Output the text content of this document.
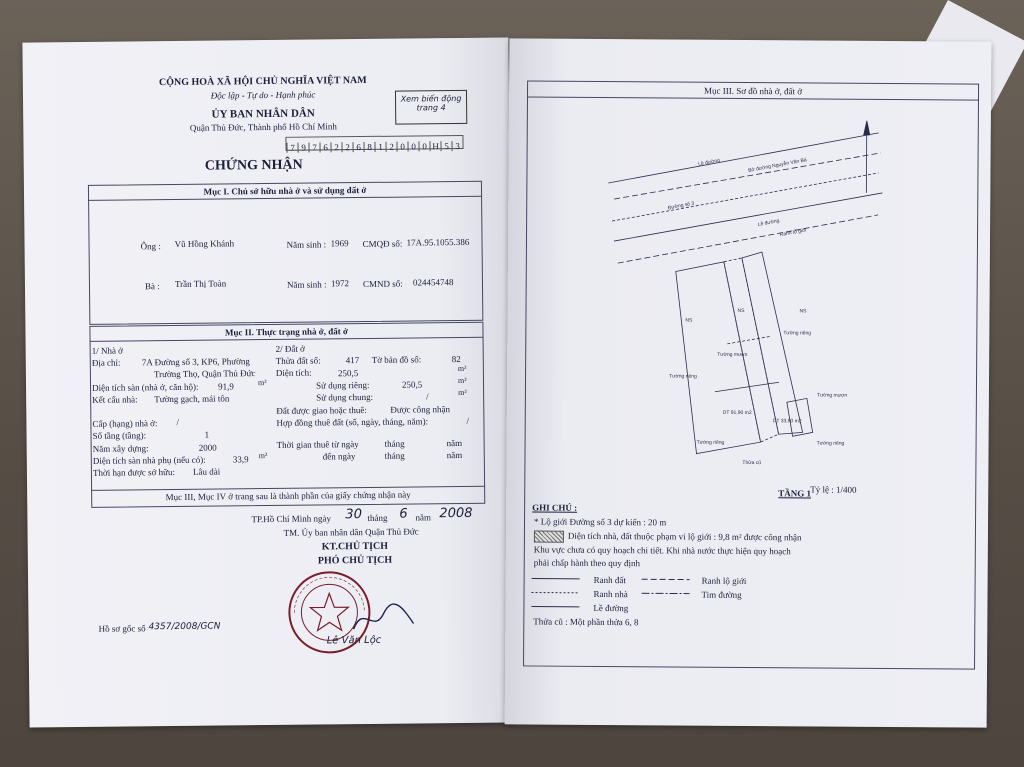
CỘNG HOÀ XÃ HỘI CHỦ NGHĨA VIỆT NAM
Độc lập - Tự do - Hạnh phúc
ỦY BAN NHÂN DÂN
Quận Thủ Đức, Thành phố Hồ Chí Minh
Xem biến động
trang 4
7 9 7 6 2 2 6 8 1 2 0 0 0 H 5 3
CHỨNG NHẬN
Mục I. Chủ sở hữu nhà ở và sử dụng đất ở
Ông : Vũ Hồng Khánh	Năm sinh : 1969 CMQĐ số: 17A.95.1055.386
Bà : Trần Thị Toàn	Năm sinh : 1972 CMND số: 024454748
Mục II. Thực trạng nhà ở, đất ở
1/ Nhà ở
Địa chỉ: 7A Đường số 3, KP6, Phường
Trường Thọ, Quận Thủ Đức
Diện tích sàn (nhà ở, căn hộ): 91,9	m²
Kết cấu nhà: Tường gạch, mái tôn
Cấp (hạng) nhà ở: /
Số tầng (tầng):	1
Năm xây dựng:	2000
Diện tích sàn nhà phụ (nếu có):	33,9 m²
Thời hạn được sở hữu: Lâu dài
2/ Đất ở
Thửa đất số:	417 Tờ bản đồ số:	82
Diện tích:	250,5	m²
Sử dụng riêng:	250,5	m²
Sử dụng chung:	/	m²
Đất được giao hoặc thuê:	Được công nhận
Hợp đồng thuê đất (số, ngày, tháng, năm):	/
Thời gian thuê từ ngày	tháng	năm
đến ngày	tháng	năm
Mục III, Mục IV ở trang sau là thành phần của giấy chứng nhận này
TP.Hồ Chí Minh ngày 30 tháng 6 năm 2008
TM. Ủy ban nhân dân Quận Thủ Đức
KT.CHỦ TỊCH
PHÓ CHỦ TỊCH
Lê Văn Lộc
Hồ sơ gốc số 4357/2008/GCN
Mục III. Sơ đồ nhà ở, đất ở
Lề đường	Bờ đường Nguyễn Văn Bá
Đường số 3
Lề đường
Ranh lộ giới
NS
NS	NS
Tường riêng
Tường mượn
Tường riêng
Tường mượn
DT 91,90 m2
DT 33,90 m2
Tường riêng	Tường riêng
Thửa cũ
TẦNG 1 Tỷ lệ : 1/400
GHI CHÚ :
* Lộ giới Đường số 3 dự kiến : 20 m
Diện tích nhà, đất thuộc phạm vi lộ giới : 9,8 m² được công nhận
Khu vực chưa có quy hoạch chi tiết. Khi nhà nước thực hiện quy hoạch
phải chấp hành theo quy định
Ranh đất	Ranh lộ giới
Ranh nhà	Tim đường
Lề đường
Thửa cũ : Một phần thửa 6, 8
